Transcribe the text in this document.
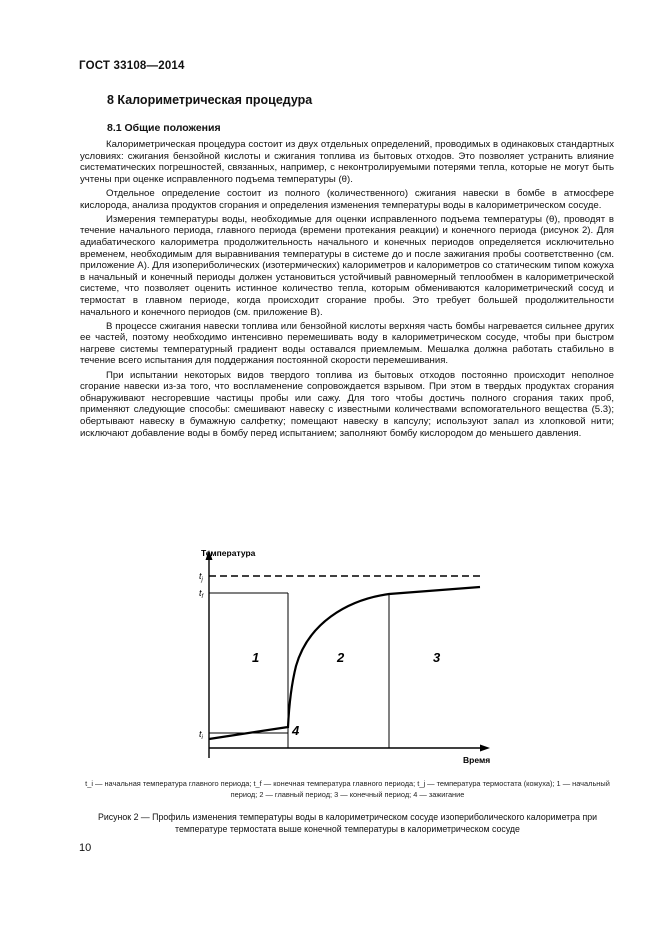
ГОСТ 33108—2014
8 Калориметрическая процедура
8.1 Общие положения

Калориметрическая процедура состоит из двух отдельных определений, проводимых в одинаковых стандартных условиях: сжигания бензойной кислоты и сжигания топлива из бытовых отходов. Это позволяет устранить влияние систематических погрешностей, связанных, например, с неконтролируемыми потерями тепла, которые не могут быть учтены при оценке исправленного подъема температуры (θ).

Отдельное определение состоит из полного (количественного) сжигания навески в бомбе в атмосфере кислорода, анализа продуктов сгорания и определения изменения температуры воды в калориметрическом сосуде.

Измерения температуры воды, необходимые для оценки исправленного подъема температуры (θ), проводят в течение начального периода, главного периода (времени протекания реакции) и конечного периода (рисунок 2). Для адиабатического калориметра продолжительность начального и конечных периодов определяется исключительно временем, необходимым для выравнивания температуры в системе до и после зажигания пробы соответственно (см. приложение А). Для изопериболических (изотермических) калориметров и калориметров со статическим типом кожуха в начальный и конечный периоды должен установиться устойчивый равномерный теплообмен в калориметрической системе, что позволяет оценить истинное количество тепла, которым обмениваются калориметрический сосуд и термостат в главном периоде, когда происходит сгорание пробы. Это требует большей продолжительности начального и конечного периодов (см. приложение В).

В процессе сжигания навески топлива или бензойной кислоты верхняя часть бомбы нагревается сильнее других ее частей, поэтому необходимо интенсивно перемешивать воду в калориметрическом сосуде, чтобы при быстром нагреве системы температурный градиент воды оставался приемлемым. Мешалка должна работать стабильно в течение всего испытания для поддержания постоянной скорости перемешивания.

При испытании некоторых видов твердого топлива из бытовых отходов постоянно происходит неполное сгорание навески из-за того, что воспламенение сопровождается взрывом. При этом в твердых продуктах сгорания обнаруживают несгоревшие частицы пробы или сажу. Для того чтобы достичь полного сгорания таких проб, применяют следующие способы: смешивают навеску с известными количествами вспомогательного вещества (5.3); обертывают навеску в бумажную салфетку; помещают навеску в капсулу; используют запал из хлопковой нити; исключают добавление воды в бомбу перед испытанием; заполняют бомбу кислородом до меньшего давления.

Температура
Время
$t_j$
$t_f$
$t_i$
1	2	3
4
t_i — начальная температура главного периода; t_f — конечная температура главного периода; t_j — температура термостата (кожуха); 1 — начальный период; 2 — главный период; 3 — конечный период; 4 — зажигание
Рисунок 2 — Профиль изменения температуры воды в калориметрическом сосуде изопериболического калориметра при температуре термостата выше конечной температуры в калориметрическом сосуде
10
